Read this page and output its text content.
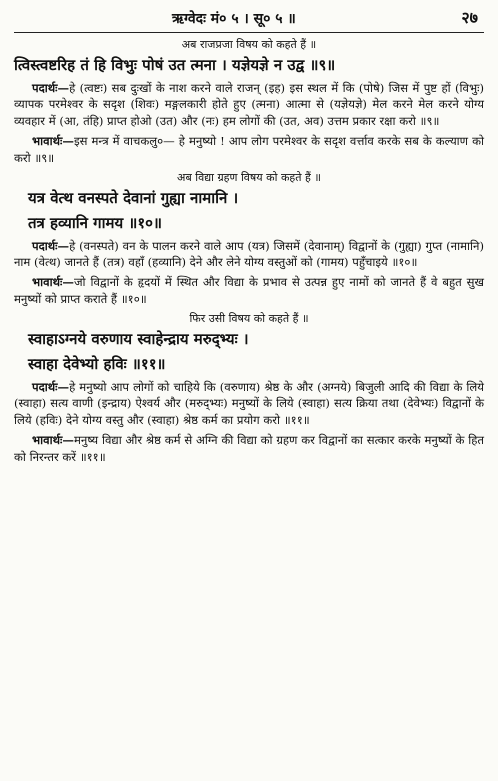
ऋग्वेदः मं० ५ । सू० ५ ॥	२७
अब राजप्रजा विषय को कहते हैं ॥
त्विस्त्वष्टरिह तं हि विभुः पोषं उत त्मना । यज्ञेयज्ञे न उद्व ॥९॥

पदार्थः—हे (त्वष्टः) सब दुःखों के नाश करने वाले राजन् (इह) इस स्थल में कि (पोषे) जिस में पुष्ट हों (विभुः) व्यापक परमेश्वर के सदृश (शिवः) मङ्गलकारी होते हुए (त्मना) आत्मा से (यज्ञेयज्ञे) मेल करने मेल करने योग्य व्यवहार में (आ, तंहि) प्राप्त होओ (उत) और (नः) हम लोगों की (उत, अव) उत्तम प्रकार रक्षा करो ॥९॥

भावार्थः—इस मन्त्र में वाचकलु०— हे मनुष्यो ! आप लोग परमेश्वर के सदृश वर्त्ताव करके सब के कल्याण को करो ॥९॥

अब विद्या ग्रहण विषय को कहते हैं ॥
यत्र वेत्थ वनस्पते देवानां गुह्या नामानि ।
तत्र हव्यानि गामय ॥१०॥

पदार्थः—हे (वनस्पते) वन के पालन करने वाले आप (यत्र) जिसमें (देवानाम्) विद्वानों के (गुह्या) गुप्त (नामानि) नाम (वेत्थ) जानते हैं (तत्र) वहाँ (हव्यानि) देने और लेने योग्य वस्तुओं को (गामय) पहुँचाइये ॥१०॥

भावार्थः—जो विद्वानों के हृदयों में स्थित और विद्या के प्रभाव से उत्पन्न हुए नामों को जानते हैं वे बहुत सुख मनुष्यों को प्राप्त कराते हैं ॥१०॥

फिर उसी विषय को कहते हैं ॥
स्वाहाऽग्नये वरुणाय स्वाहेन्द्राय मरुद्भ्यः ।
स्वाहा देवेभ्यो हविः ॥११॥

पदार्थः—हे मनुष्यो आप लोगों को चाहिये कि (वरुणाय) श्रेष्ठ के और (अग्नये) बिजुली आदि की विद्या के लिये (स्वाहा) सत्य वाणी (इन्द्राय) ऐश्वर्य और (मरुद्भ्यः) मनुष्यों के लिये (स्वाहा) सत्य क्रिया तथा (देवेभ्यः) विद्वानों के लिये (हविः) देने योग्य वस्तु और (स्वाहा) श्रेष्ठ कर्म का प्रयोग करो ॥११॥

भावार्थः—मनुष्य विद्या और श्रेष्ठ कर्म से अग्नि की विद्या को ग्रहण कर विद्वानों का सत्कार करके मनुष्यों के हित को निरन्तर करें ॥११॥
